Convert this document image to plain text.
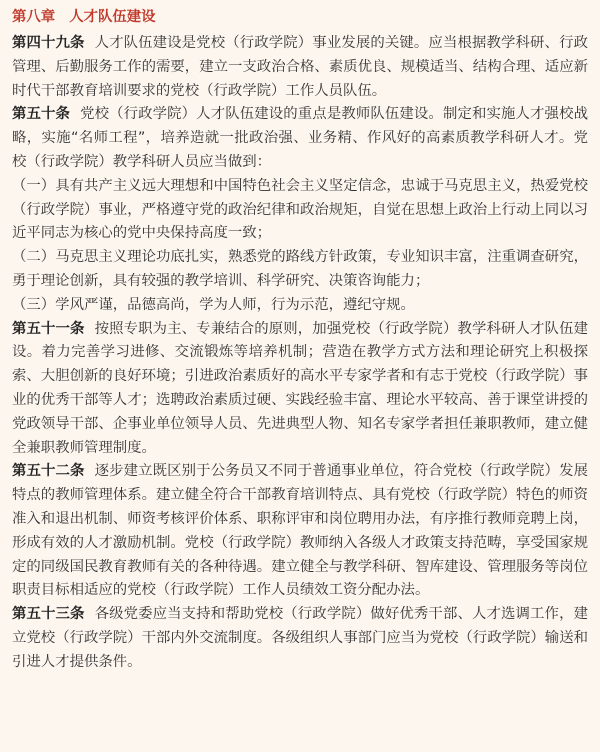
第八章 人才队伍建设

第四十九条 人才队伍建设是党校（行政学院）事业发展的关键。应当根据教学科研、行政管理、后勤服务工作的需要，建立一支政治合格、素质优良、规模适当、结构合理、适应新时代干部教育培训要求的党校（行政学院）工作人员队伍。

第五十条 党校（行政学院）人才队伍建设的重点是教师队伍建设。制定和实施人才强校战略，实施“名师工程”，培养造就一批政治强、业务精、作风好的高素质教学科研人才。党校（行政学院）教学科研人员应当做到：

（一）具有共产主义远大理想和中国特色社会主义坚定信念，忠诚于马克思主义，热爱党校（行政学院）事业，严格遵守党的政治纪律和政治规矩，自觉在思想上政治上行动上同以习近平同志为核心的党中央保持高度一致；

（二）马克思主义理论功底扎实，熟悉党的路线方针政策，专业知识丰富，注重调查研究，勇于理论创新，具有较强的教学培训、科学研究、决策咨询能力；

（三）学风严谨，品德高尚，学为人师，行为示范，遵纪守规。

第五十一条 按照专职为主、专兼结合的原则，加强党校（行政学院）教学科研人才队伍建设。着力完善学习进修、交流锻炼等培养机制；营造在教学方式方法和理论研究上积极探索、大胆创新的良好环境；引进政治素质好的高水平专家学者和有志于党校（行政学院）事业的优秀干部等人才；选聘政治素质过硬、实践经验丰富、理论水平较高、善于课堂讲授的党政领导干部、企事业单位领导人员、先进典型人物、知名专家学者担任兼职教师，建立健全兼职教师管理制度。

第五十二条 逐步建立既区别于公务员又不同于普通事业单位，符合党校（行政学院）发展特点的教师管理体系。建立健全符合干部教育培训特点、具有党校（行政学院）特色的师资准入和退出机制、师资考核评价体系、职称评审和岗位聘用办法，有序推行教师竞聘上岗，形成有效的人才激励机制。党校（行政学院）教师纳入各级人才政策支持范畴，享受国家规定的同级国民教育教师有关的各种待遇。建立健全与教学科研、智库建设、管理服务等岗位职责目标相适应的党校（行政学院）工作人员绩效工资分配办法。

第五十三条 各级党委应当支持和帮助党校（行政学院）做好优秀干部、人才选调工作，建立党校（行政学院）干部内外交流制度。各级组织人事部门应当为党校（行政学院）输送和引进人才提供条件。
